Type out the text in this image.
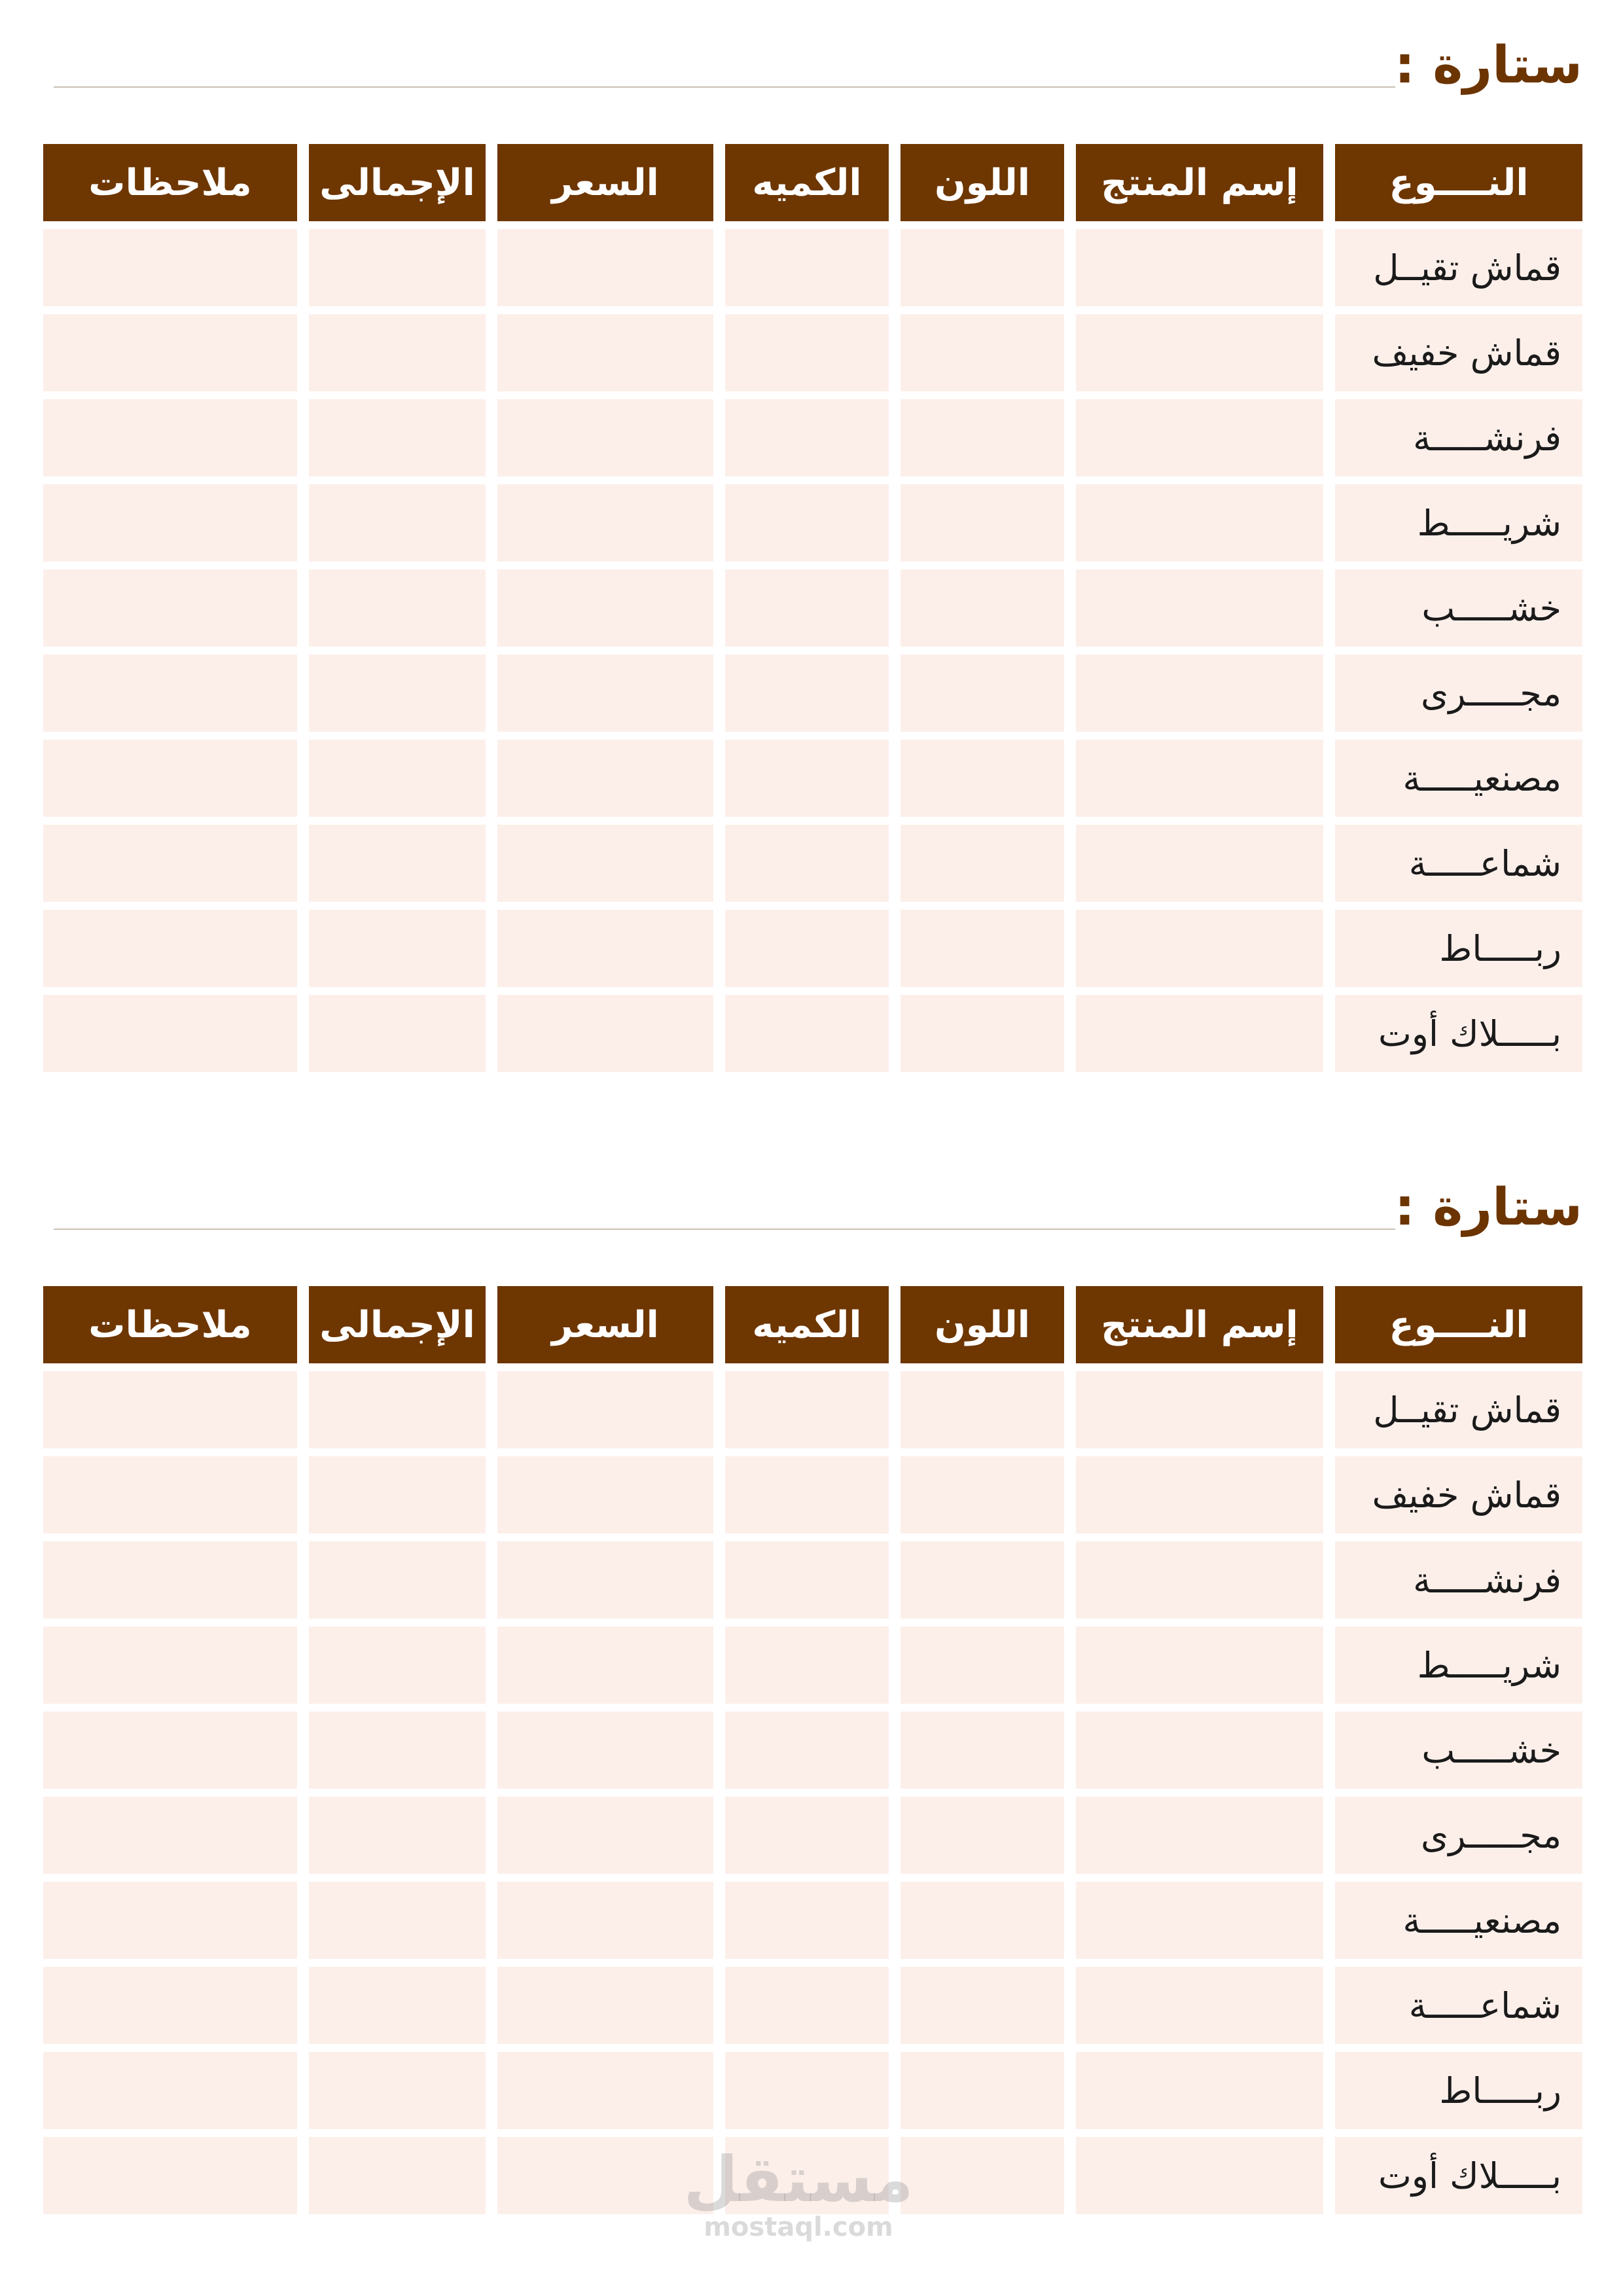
ستارة :
النــــوع
إسم المنتج
اللون
الكميه
السعر
الإجمالى
ملاحظات
قماش تقيــل
قماش خفيف
فرنشـــــة
شريـــــط
خشـــــب
مجـــــرى
مصنعيـــــة
شماعـــــة
ربـــــاط
بـــــلاك أوت
ستارة :
النــــوع
إسم المنتج
اللون
الكميه
السعر
الإجمالى
ملاحظات
قماش تقيــل
قماش خفيف
فرنشـــــة
شريـــــط
خشـــــب
مجـــــرى
مصنعيـــــة
شماعـــــة
ربـــــاط
بـــــلاك أوت
مستقل
mostaql.com
